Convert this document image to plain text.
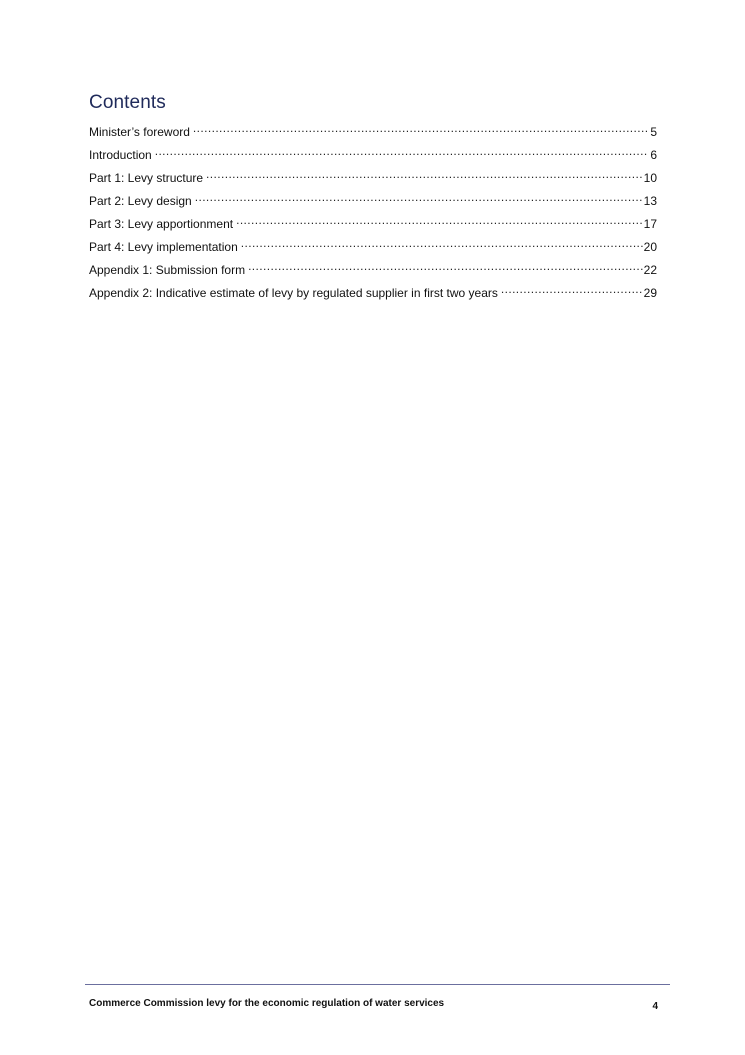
Contents
Minister’s foreword .....	5
Introduction .....	6
Part 1: Levy structure .....	10
Part 2: Levy design .....	13
Part 3: Levy apportionment .....	17
Part 4: Levy implementation .....	20
Appendix 1: Submission form .....	22
Appendix 2: Indicative estimate of levy by regulated supplier in first two years .....	29
Commerce Commission levy for the economic regulation of water services	4
